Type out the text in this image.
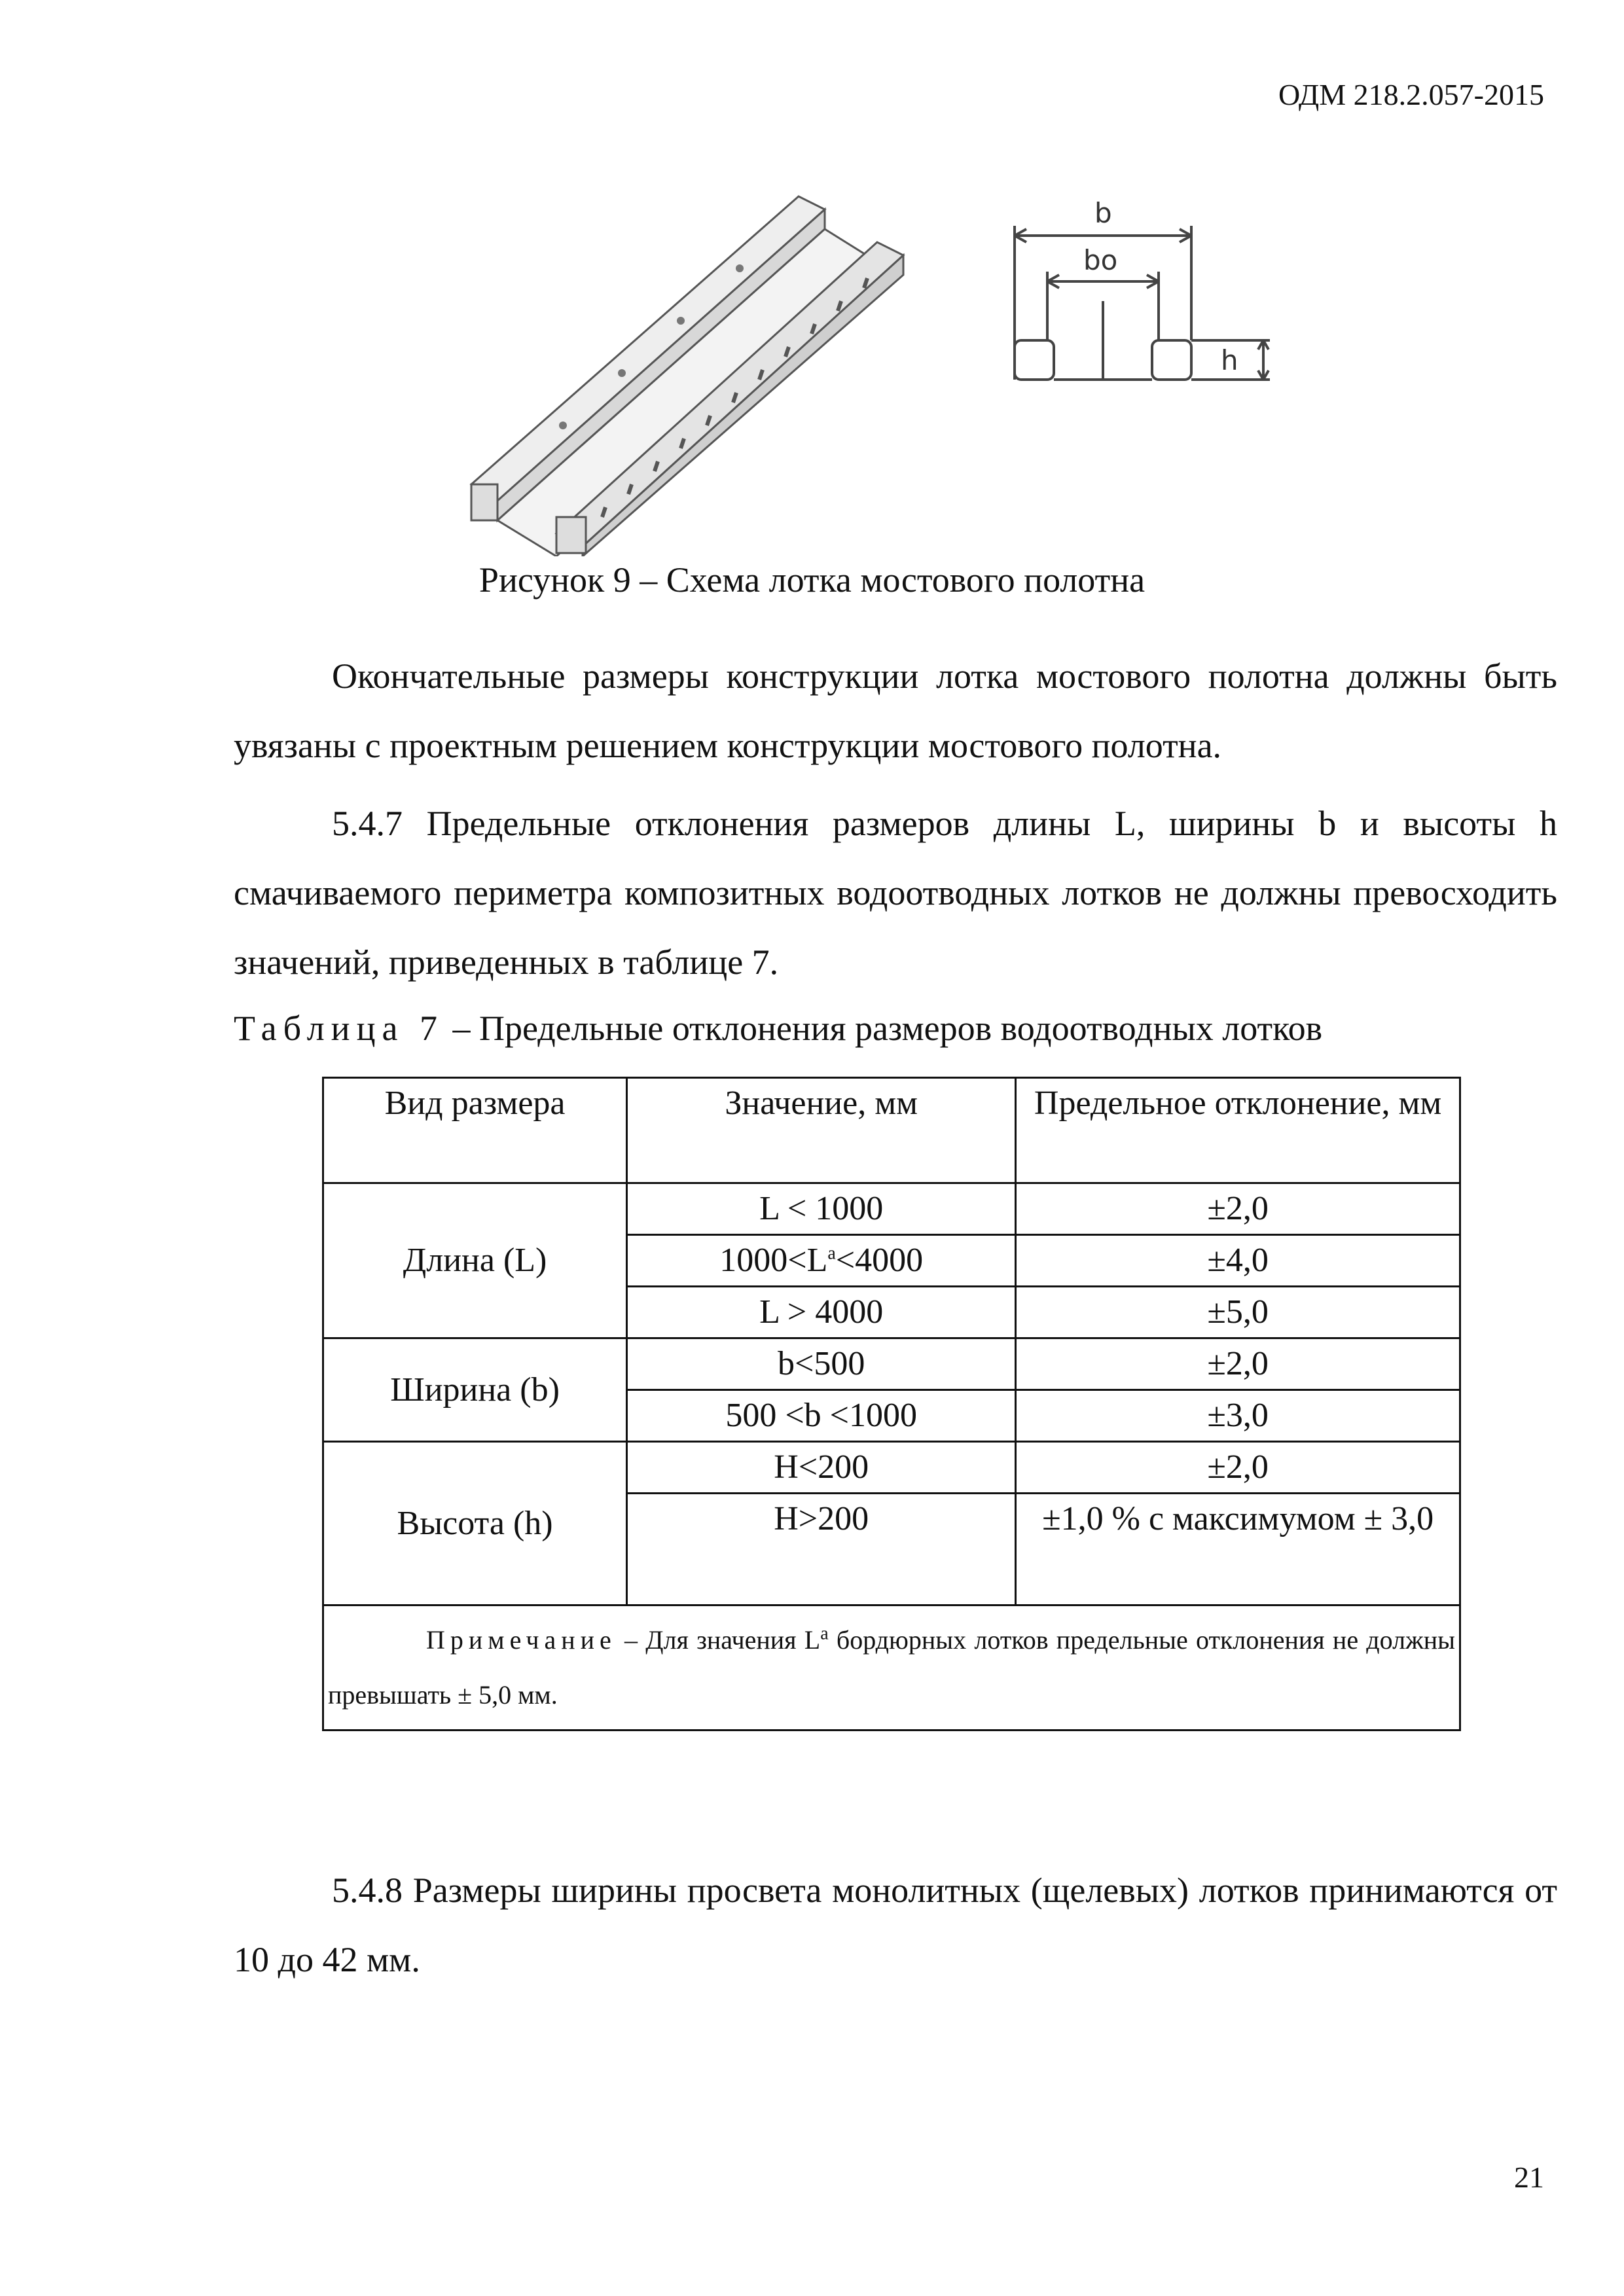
ОДМ 218.2.057-2015
b
bo
h
Рисунок 9 – Схема лотка мостового полотна
Окончательные размеры конструкции лотка мостового полотна должны быть увязаны с проектным решением конструкции мостового полотна.
5.4.7 Предельные отклонения размеров длины L, ширины b и высоты h смачиваемого периметра композитных водоотводных лотков не должны превосходить значений, приведенных в таблице 7.
Таблица 7 – Предельные отклонения размеров водоотводных лотков
Вид размера	Значение, мм	Предельное отклонение, мм
Длина (L)	L < 1000	±2,0
	$1000<L^a<4000$	±4,0
	L > 4000	±5,0
Ширина (b)	b<500	±2,0
	500 <b <1000	±3,0
Высота (h)	H<200	±2,0
	H>200	±1,0 % с максимумом ± 3,0
Примечание – Для значения $L^a$ бордюрных лотков предельные отклонения не должны превышать ± 5,0 мм.		
5.4.8 Размеры ширины просвета монолитных (щелевых) лотков принимаются от 10 до 42 мм.
21
